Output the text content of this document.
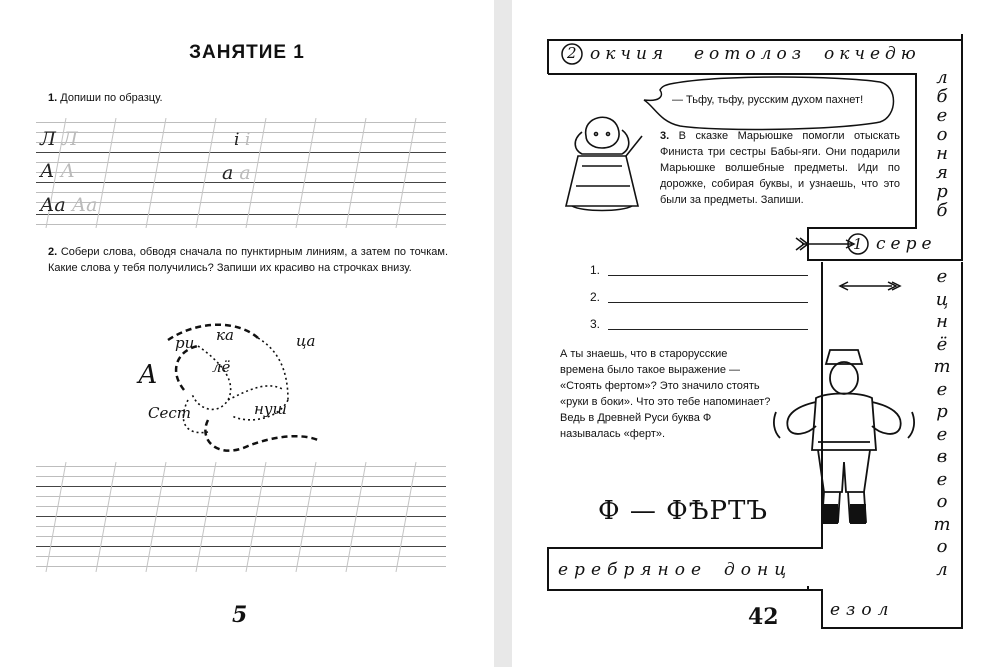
ЗАНЯТИЕ 1
1. Допиши по образцу.
Л Л
А А
Аа Аа
і і
а а
2. Собери слова, обводя сначала по пунктирным линиям, а затем по точкам. Какие слова у тебя получились? Запиши их красиво на строчках внизу.
ри ка	ца
А	лё
Сест	нуш
5
2 окчия еотолоз окчедю
л
б
е
о
н
я
р
б
1 сере
е
ц
н
ё
т
е
р
е
в
е
о
т
о
л
еребряное донц
езол
— Тьфу, тьфу, русским духом пахнет!
3. В сказке Марьюшке помогли отыскать Финиста три сестры Бабы-яги. Они подарили Марьюшке волшебные предметы. Иди по дорожке, собирая буквы, и узнаешь, что это были за предметы. Запиши.
1.
2.
3.
А ты знаешь, что в старорусские времена было такое выражение — «Стоять фертом»? Это значило стоять «руки в боки». Что это тебе напоминает? Ведь в Древней Руси буква Ф называлась «ферт».
Ф — ФѢРТЪ
42
